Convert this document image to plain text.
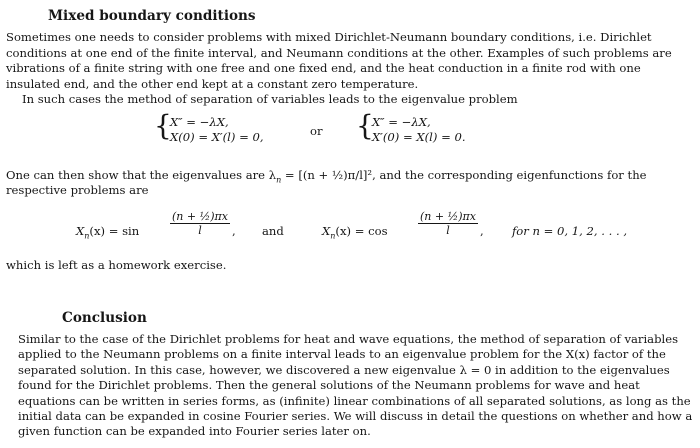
Mixed boundary conditions
Sometimes one needs to consider problems with mixed Dirichlet-Neumann boundary conditions, i.e. Dirichlet conditions at one end of the finite interval, and Neumann conditions at the other. Examples of such problems are vibrations of a finite string with one free and one fixed end, and the heat conduction in a finite rod with one insulated end, and the other end kept at a constant zero temperature.
In such cases the method of separation of variables leads to the eigenvalue problem
{
X″ = −λX,
X(0) = X′(l) = 0,	or {
X″ = −λX,
X′(0) = X(l) = 0.
One can then show that the eigenvalues are $\lambda_n = [(n$ + ½)π/l]², and the corresponding eigenfunctions for the
respective problems are
$X_n(x) = \sin$	$\frac{\text{(n + ½)πx}}{l}$ , and	$X_n(x) = \cos$	$\frac{\text{(n + ½)πx}}{l}$ , for n = 0, 1, 2, . . . ,
which is left as a homework exercise.
Conclusion
Similar to the case of the Dirichlet problems for heat and wave equations, the method of separation of variables applied to the Neumann problems on a finite interval leads to an eigenvalue problem for the X(x) factor of the separated solution. In this case, however, we discovered a new eigenvalue λ = 0 in addition to the eigenvalues found for the Dirichlet problems. Then the general solutions of the Neumann problems for wave and heat equations can be written in series forms, as (infinite) linear combinations of all separated solutions, as long as the initial data can be expanded in cosine Fourier series. We will discuss in detail the questions on whether and how a given function can be expanded into Fourier series later on.
